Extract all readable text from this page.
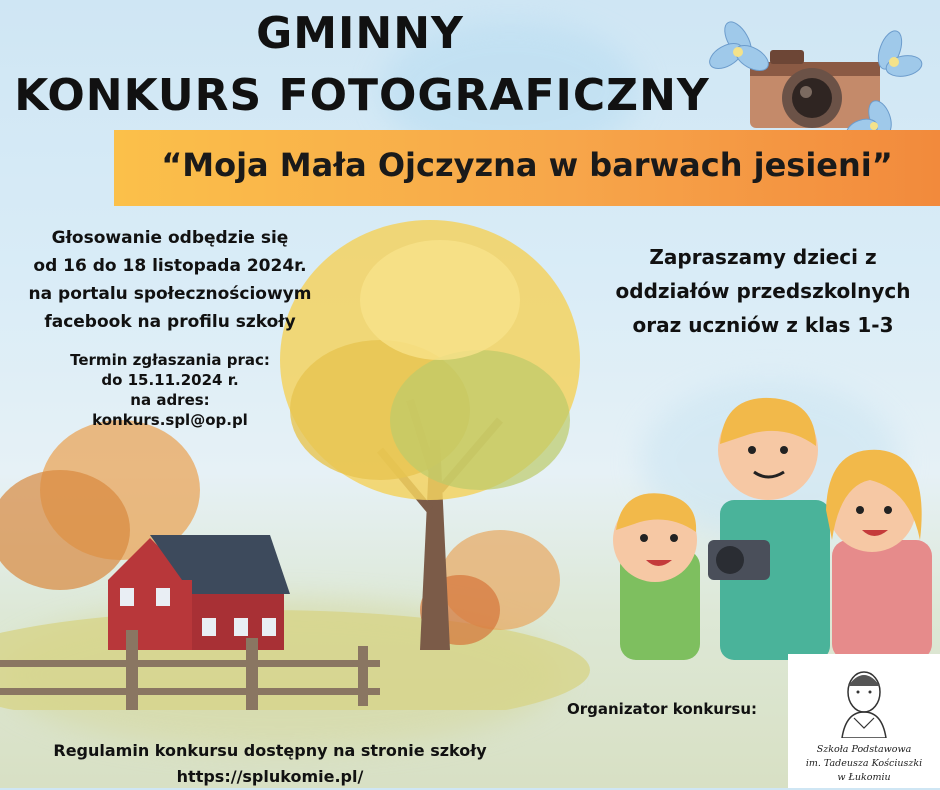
GMINNY
KONKURS FOTOGRAFICZNY
“Moja Mała Ojczyzna w barwach jesieni”
Głosowanie odbędzie się
od 16 do 18 listopada 2024r.
na portalu społecznościowym
facebook na profilu szkoły
Termin zgłaszania prac:
do 15.11.2024 r.
na adres:
konkurs.spl@op.pl
Zapraszamy dzieci z
oddziałów przedszkolnych
oraz uczniów z klas 1-3
Organizator konkursu:
Regulamin konkursu dostępny na stronie szkoły
https://splukomie.pl/
Szkoła Podstawowa
im. Tadeusza Kościuszki
w Łukomiu
